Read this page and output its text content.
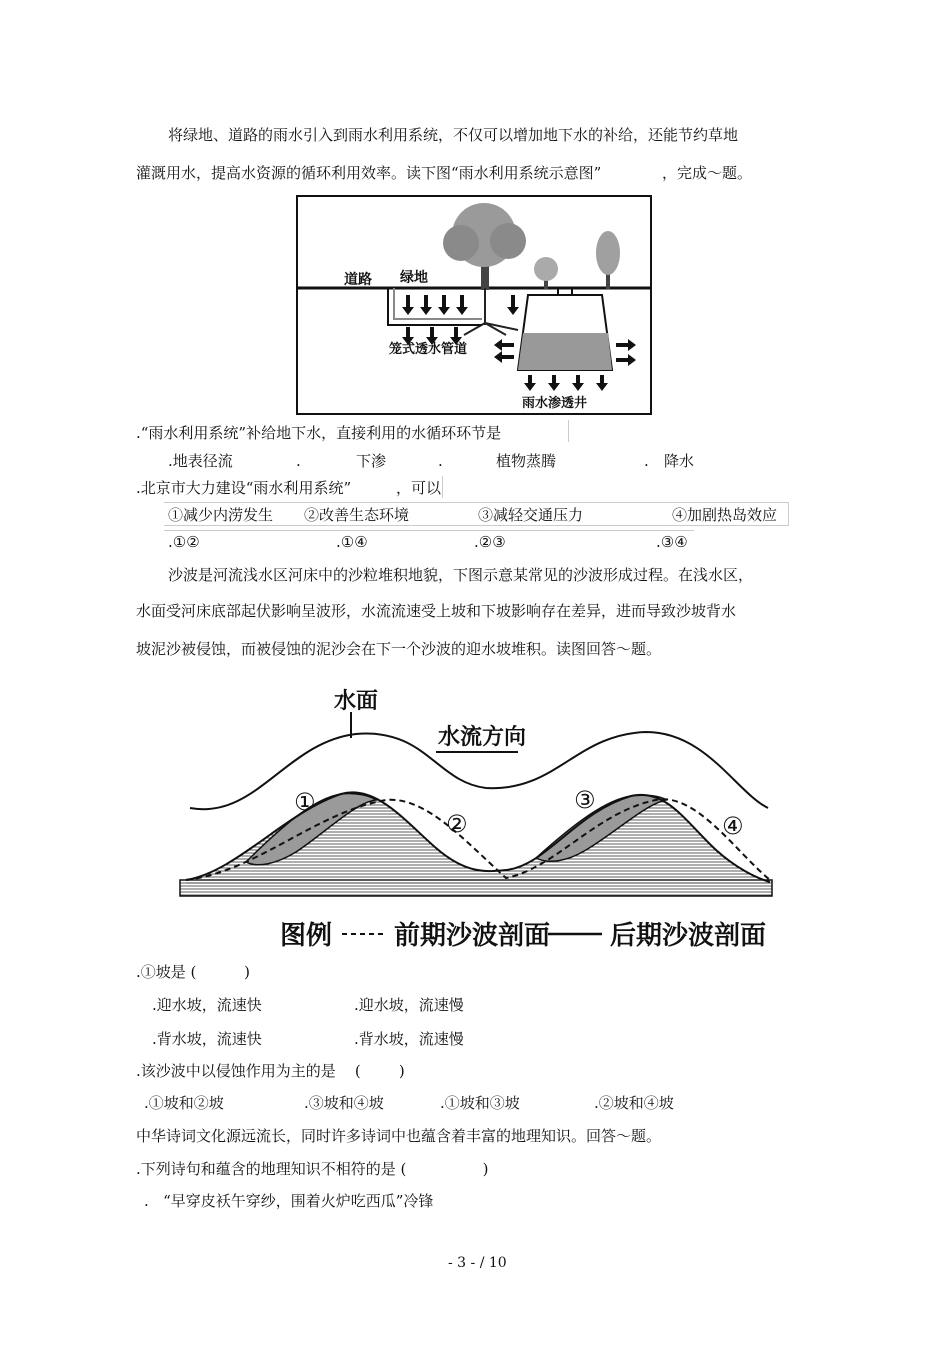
将绿地、道路的雨水引入到雨水利用系统，不仅可以增加地下水的补给，还能节约草地
灌溉用水，提高水资源的循环利用效率。读下图“雨水利用系统示意图”	，完成～题。
道路 绿地
笼式透水管道
雨水渗透井
.“雨水利用系统”补给地下水，直接利用的水循环环节是
.地表径流	.	下渗	.	植物蒸腾	. 降水
.北京市大力建设“雨水利用系统”	，可以
①减少内涝发生 ②改善生态环境	③减轻交通压力	④加剧热岛效应
.①②	.①④	.②③	.③④
沙波是河流浅水区河床中的沙粒堆积地貌，下图示意某常见的沙波形成过程。在浅水区，
水面受河床底部起伏影响呈波形，水流流速受上坡和下坡影响存在差异，进而导致沙坡背水
坡泥沙被侵蚀，而被侵蚀的泥沙会在下一个沙波的迎水坡堆积。读图回答～题。
水面
水流方向
①
②
③
④
图例 前期沙波剖面 后期沙波剖面
.①坡是 (          )
.迎水坡，流速快	.迎水坡，流速慢
.背水坡，流速快	.背水坡，流速慢
.该沙波中以侵蚀作用为主的是    (        )
.①坡和②坡	.③坡和④坡	.①坡和③坡	.②坡和④坡
中华诗词文化源远流长，同时许多诗词中也蕴含着丰富的地理知识。回答～题。
.下列诗句和蕴含的地理知识不相符的是 (                )
.   “早穿皮袄午穿纱，围着火炉吃西瓜”冷锋
- 3 - / 10
